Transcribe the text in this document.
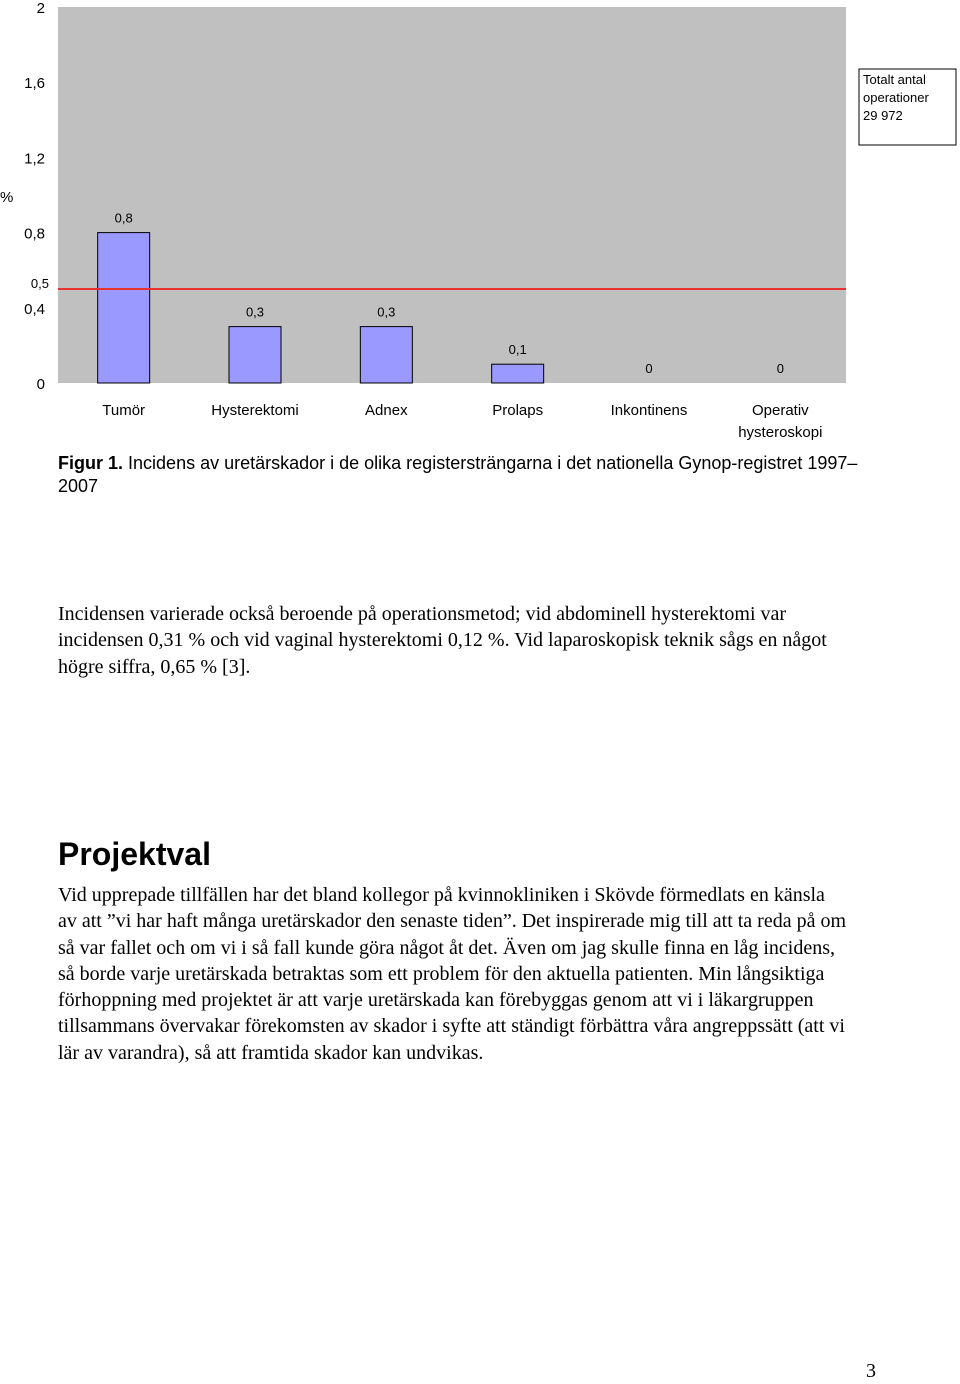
0
0,4
0,8
1,2
1,6
2
0,8
0,3	0,3
0,1
0	0
Tumör	Hysterektomi	Adnex	Prolaps	Inkontinens	Operativ
hysteroskopi
0,5
%
Totalt antal
operationer
29 972
Figur 1. Incidens av uretärskador i de olika registersträngarna i det nationella Gynop-registret 1997–2007
Incidensen varierade också beroende på operationsmetod; vid abdominell hysterektomi var incidensen 0,31 % och vid vaginal hysterektomi 0,12 %. Vid laparoskopisk teknik sågs en något högre siffra, 0,65 % [3].
Projektval
Vid upprepade tillfällen har det bland kollegor på kvinnokliniken i Skövde förmedlats en känsla av att ”vi har haft många uretärskador den senaste tiden”. Det inspirerade mig till att ta reda på om så var fallet och om vi i så fall kunde göra något åt det. Även om jag skulle finna en låg incidens, så borde varje uretärskada betraktas som ett problem för den aktuella patienten. Min långsiktiga förhoppning med projektet är att varje uretärskada kan förebyggas genom att vi i läkargruppen tillsammans övervakar förekomsten av skador i syfte att ständigt förbättra våra angreppssätt (att vi lär av varandra), så att framtida skador kan undvikas.
3
